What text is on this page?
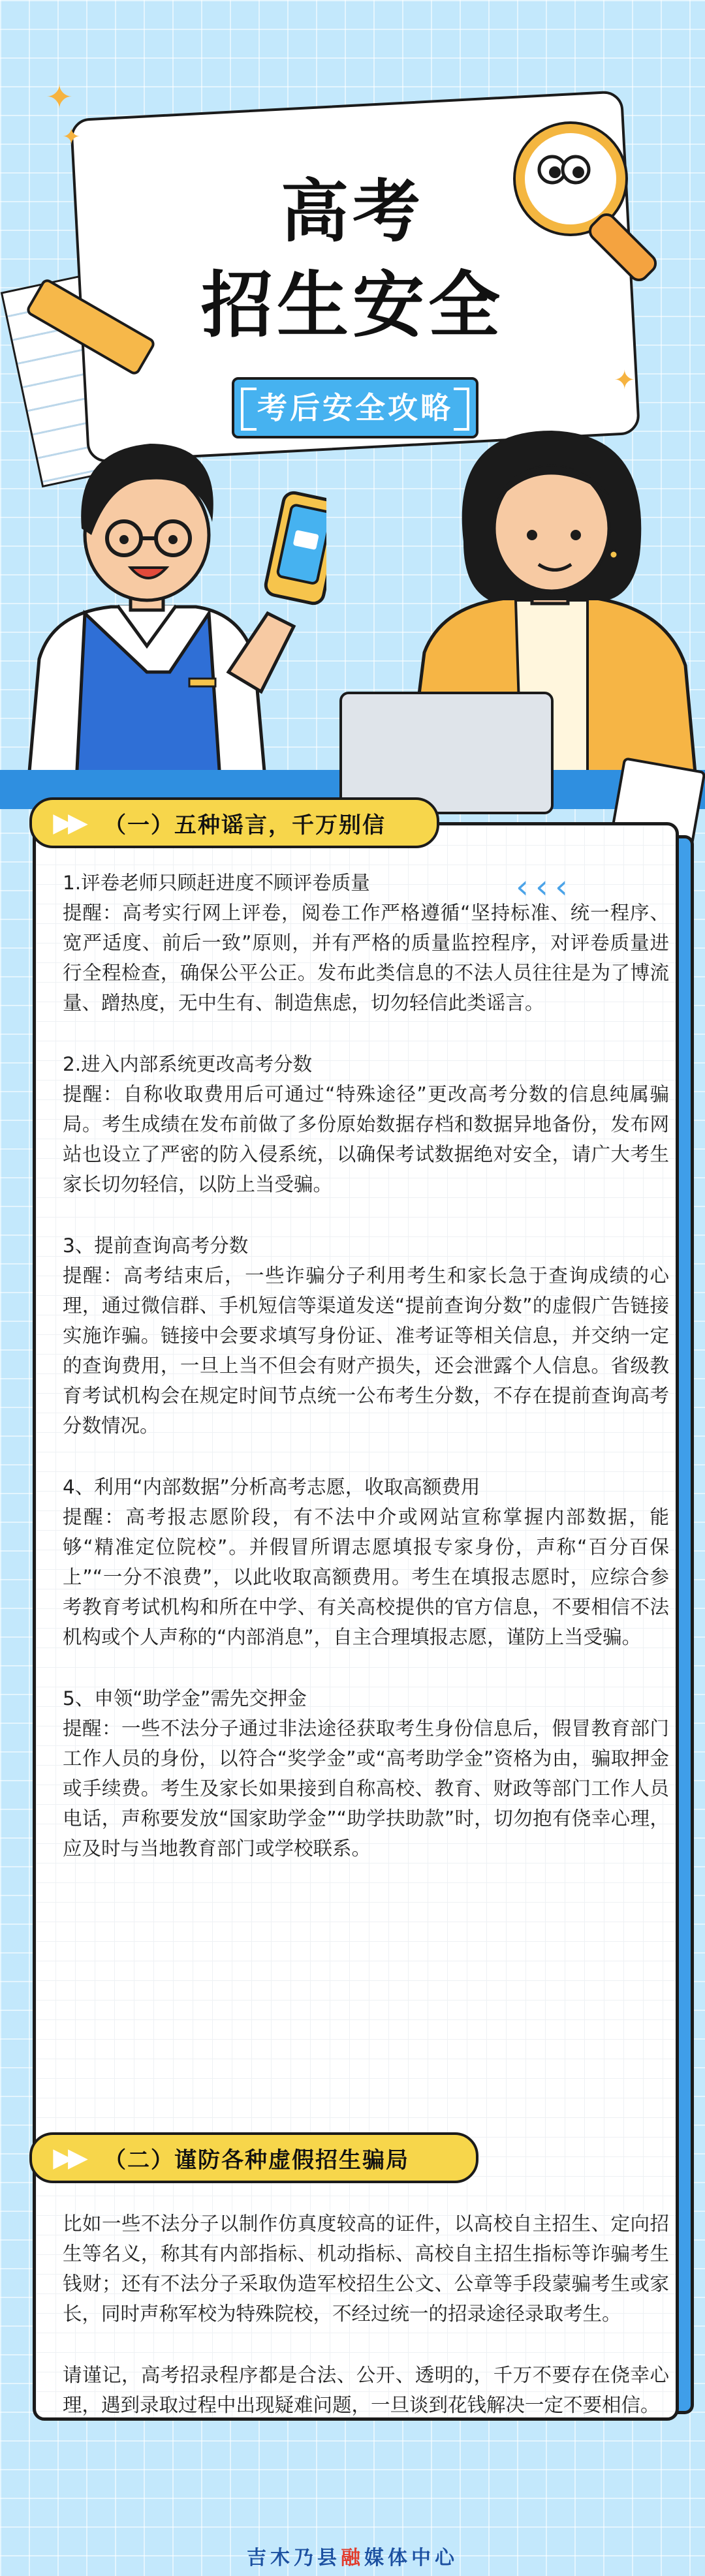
✦
✦
✦
高考
招生安全
考后安全攻略
‹‹‹
▶▶ （一）五种谣言，千万别信

1.评卷老师只顾赶进度不顾评卷质量

提醒：高考实行网上评卷，阅卷工作严格遵循“坚持标准、统一程序、宽严适度、前后一致”原则，并有严格的质量监控程序，对评卷质量进行全程检查，确保公平公正。发布此类信息的不法人员往往是为了博流量、蹭热度，无中生有、制造焦虑，切勿轻信此类谣言。

2.进入内部系统更改高考分数

提醒：自称收取费用后可通过“特殊途径”更改高考分数的信息纯属骗局。考生成绩在发布前做了多份原始数据存档和数据异地备份，发布网站也设立了严密的防入侵系统，以确保考试数据绝对安全，请广大考生家长切勿轻信，以防上当受骗。

3、提前查询高考分数

提醒：高考结束后，一些诈骗分子利用考生和家长急于查询成绩的心理，通过微信群、手机短信等渠道发送“提前查询分数”的虚假广告链接实施诈骗。链接中会要求填写身份证、准考证等相关信息，并交纳一定的查询费用，一旦上当不但会有财产损失，还会泄露个人信息。省级教育考试机构会在规定时间节点统一公布考生分数，不存在提前查询高考分数情况。

4、利用“内部数据”分析高考志愿，收取高额费用

提醒：高考报志愿阶段，有不法中介或网站宣称掌握内部数据，能够“精准定位院校”。并假冒所谓志愿填报专家身份，声称“百分百保上”“一分不浪费”，以此收取高额费用。考生在填报志愿时，应综合参考教育考试机构和所在中学、有关高校提供的官方信息，不要相信不法机构或个人声称的“内部消息”，自主合理填报志愿，谨防上当受骗。

5、申领“助学金”需先交押金

提醒：一些不法分子通过非法途径获取考生身份信息后，假冒教育部门工作人员的身份，以符合“奖学金”或“高考助学金”资格为由，骗取押金或手续费。考生及家长如果接到自称高校、教育、财政等部门工作人员电话，声称要发放“国家助学金”“助学扶助款”时，切勿抱有侥幸心理，应及时与当地教育部门或学校联系。

▶▶ （二）谨防各种虚假招生骗局

比如一些不法分子以制作仿真度较高的证件，以高校自主招生、定向招生等名义，称其有内部指标、机动指标、高校自主招生指标等诈骗考生钱财；还有不法分子采取伪造军校招生公文、公章等手段蒙骗考生或家长，同时声称军校为特殊院校，不经过统一的招录途径录取考生。

请谨记，高考招录程序都是合法、公开、透明的，千万不要存在侥幸心理，遇到录取过程中出现疑难问题，一旦谈到花钱解决一定不要相信。

吉木乃县融媒体中心
